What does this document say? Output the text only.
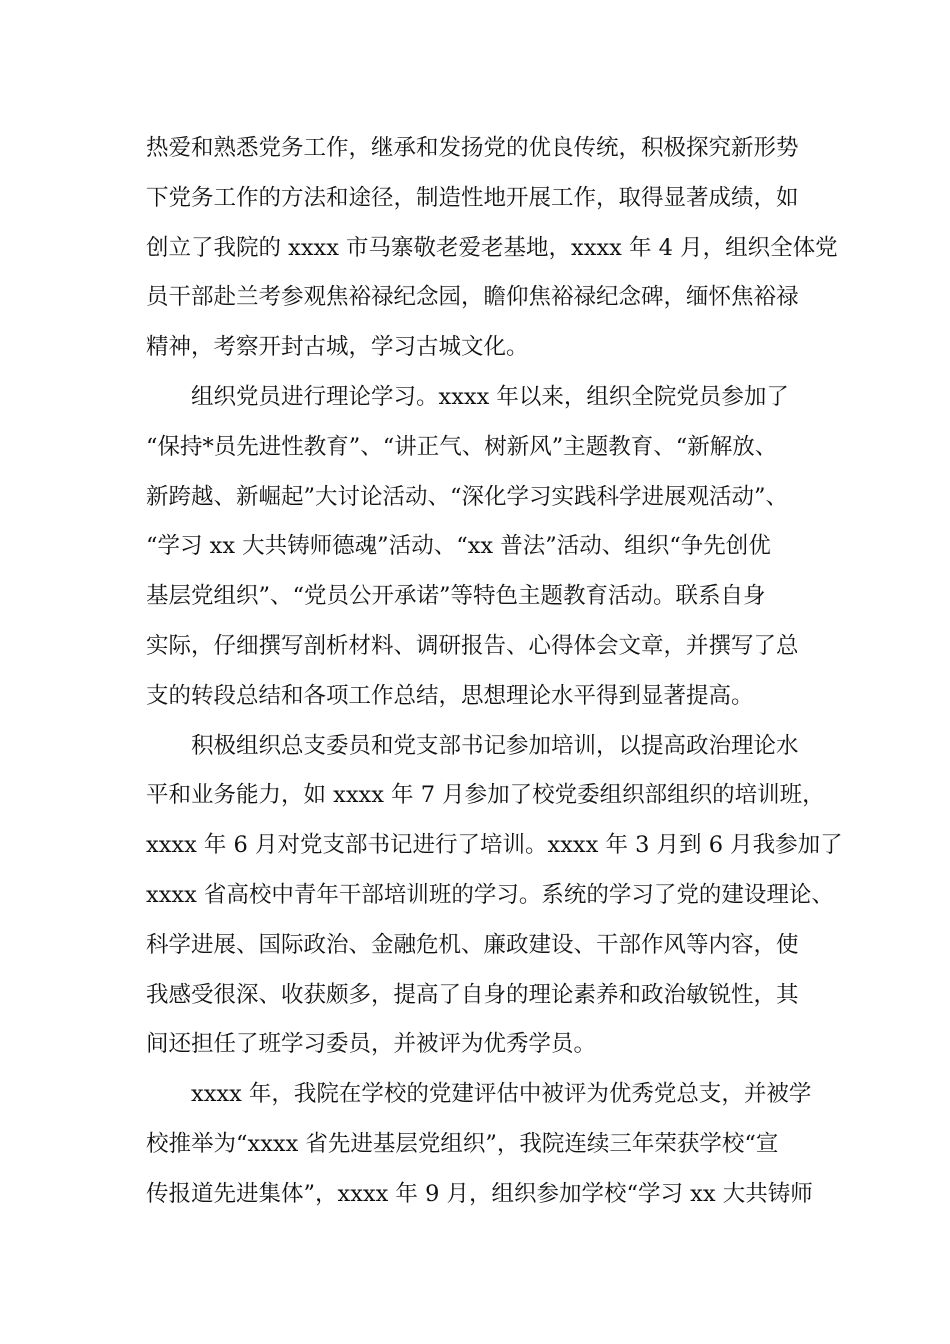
热爱和熟悉党务工作，继承和发扬党的优良传统，积极探究新形势
下党务工作的方法和途径，制造性地开展工作，取得显著成绩，如
创立了我院的 xxxx 市马寨敬老爱老基地，xxxx 年 4 月，组织全体党
员干部赴兰考参观焦裕禄纪念园，瞻仰焦裕禄纪念碑，缅怀焦裕禄
精神，考察开封古城，学习古城文化。
组织党员进行理论学习。xxxx 年以来，组织全院党员参加了
“保持*员先进性教育”、“讲正气、树新风”主题教育、“新解放、
新跨越、新崛起”大讨论活动、“深化学习实践科学进展观活动”、
“学习 xx 大共铸师德魂”活动、“xx 普法”活动、组织“争先创优
基层党组织”、“党员公开承诺”等特色主题教育活动。联系自身
实际，仔细撰写剖析材料、调研报告、心得体会文章，并撰写了总
支的转段总结和各项工作总结，思想理论水平得到显著提高。
积极组织总支委员和党支部书记参加培训，以提高政治理论水
平和业务能力，如 xxxx 年 7 月参加了校党委组织部组织的培训班，
xxxx 年 6 月对党支部书记进行了培训。xxxx 年 3 月到 6 月我参加了
xxxx 省高校中青年干部培训班的学习。系统的学习了党的建设理论、
科学进展、国际政治、金融危机、廉政建设、干部作风等内容，使
我感受很深、收获颇多，提高了自身的理论素养和政治敏锐性，其
间还担任了班学习委员，并被评为优秀学员。
xxxx 年，我院在学校的党建评估中被评为优秀党总支，并被学
校推举为“xxxx 省先进基层党组织”，我院连续三年荣获学校“宣
传报道先进集体”，xxxx 年 9 月，组织参加学校“学习 xx 大共铸师
